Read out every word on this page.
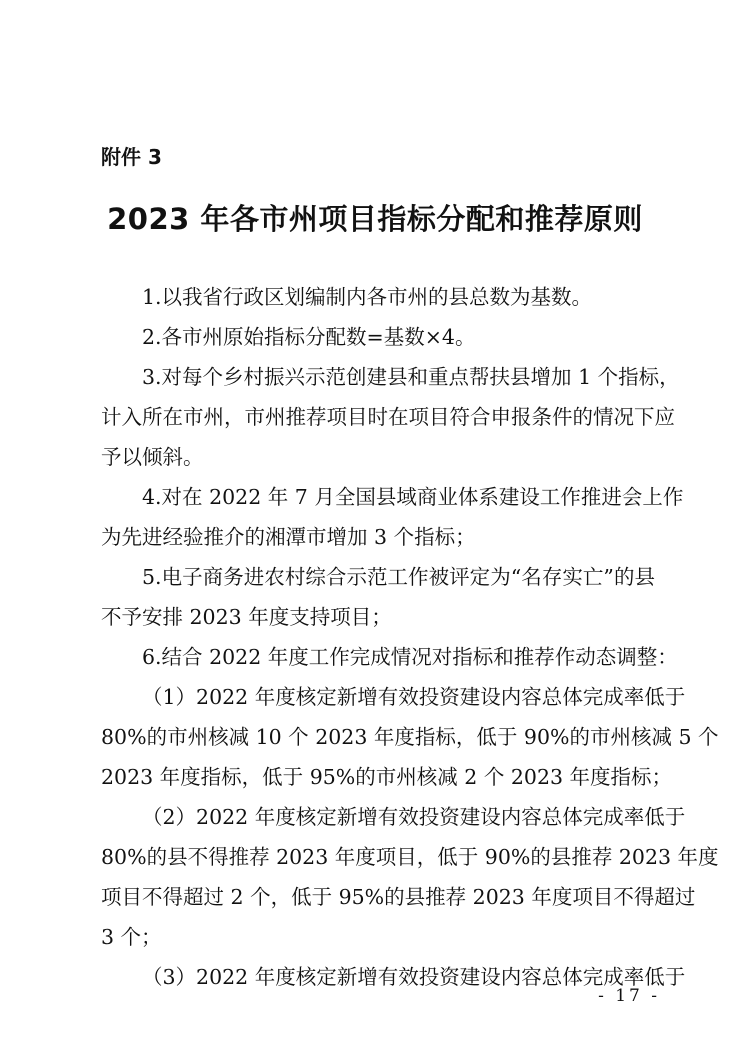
附件 3
2023 年各市州项目指标分配和推荐原则
1.以我省行政区划编制内各市州的县总数为基数。
2.各市州原始指标分配数=基数×4。
3.对每个乡村振兴示范创建县和重点帮扶县增加 1 个指标，
计入所在市州，市州推荐项目时在项目符合申报条件的情况下应
予以倾斜。
4.对在 2022 年 7 月全国县域商业体系建设工作推进会上作
为先进经验推介的湘潭市增加 3 个指标；
5.电子商务进农村综合示范工作被评定为“名存实亡”的县
不予安排 2023 年度支持项目；
6.结合 2022 年度工作完成情况对指标和推荐作动态调整：
（1）2022 年度核定新增有效投资建设内容总体完成率低于
80%的市州核减 10 个 2023 年度指标，低于 90%的市州核减 5 个
2023 年度指标，低于 95%的市州核减 2 个 2023 年度指标；
（2）2022 年度核定新增有效投资建设内容总体完成率低于
80%的县不得推荐 2023 年度项目，低于 90%的县推荐 2023 年度
项目不得超过 2 个，低于 95%的县推荐 2023 年度项目不得超过
3 个；
（3）2022 年度核定新增有效投资建设内容总体完成率低于
- 17 -
